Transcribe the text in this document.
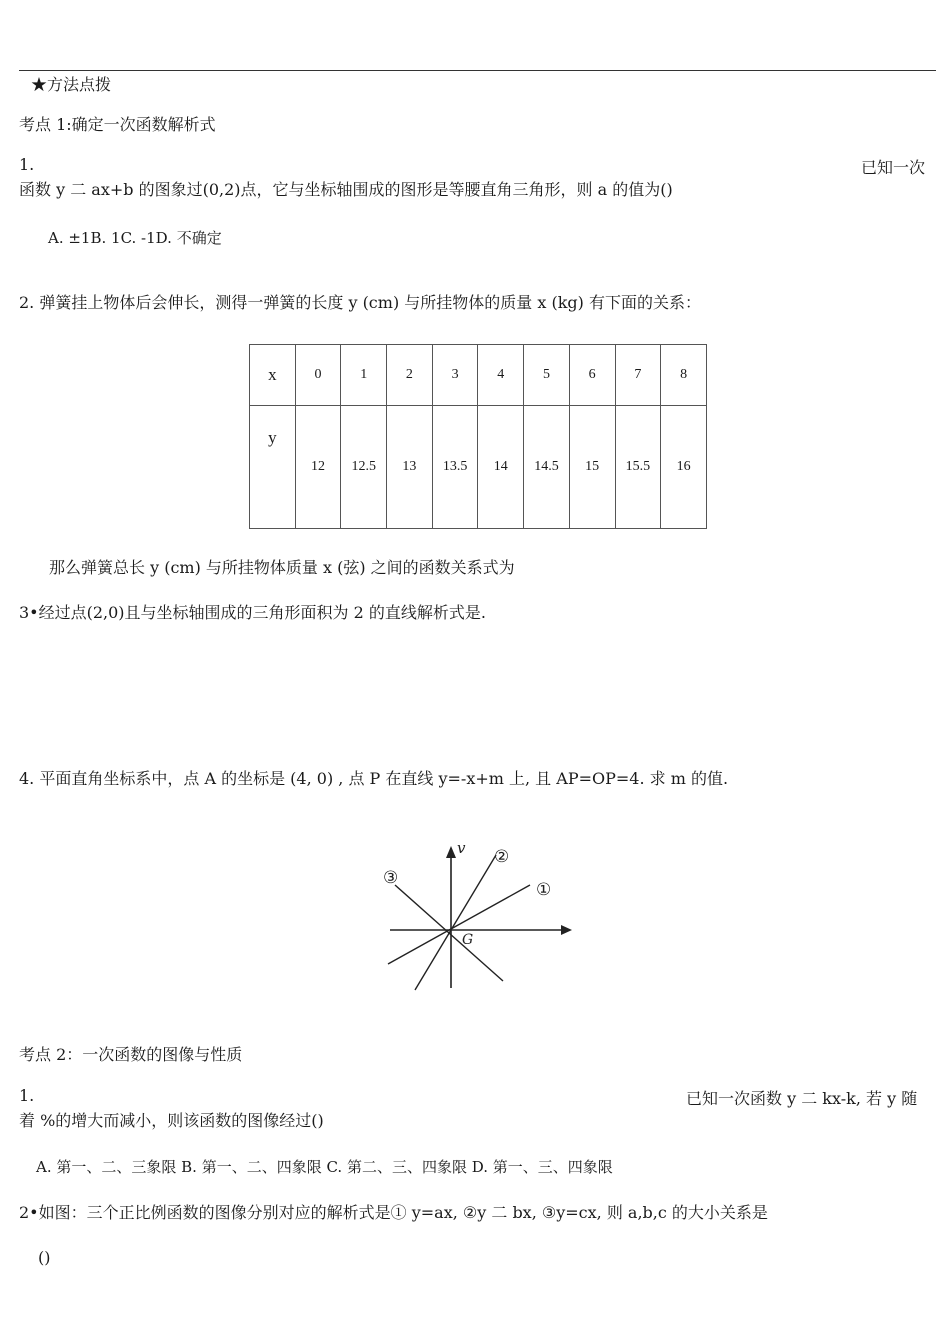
★方法点拨
考点 1:确定一次函数解析式
1.	已知一次
函数 y 二 ax+b 的图象过(0,2)点，它与坐标轴围成的图形是等腰直角三角形，则 a 的值为()
A. ±1B. 1C. -1D. 不确定
2. 弹簧挂上物体后会伸长，测得一弹簧的长度 y (cm) 与所挂物体的质量 x (kg) 有下面的关系：
x	0	1	2	3	4	5	6	7	8
y	12	12.5	13	13.5	14	14.5	15	15.5	16
那么弹簧总长 y (cm) 与所挂物体质量 x (弦) 之间的函数关系式为
3•经过点(2,0)且与坐标轴围成的三角形面积为 2 的直线解析式是.
4. 平面直角坐标系中，点 A 的坐标是 (4, 0) , 点 P 在直线 y=-x+m 上, 且 AP=OP=4. 求 m 的值.
v
G
①
②
③
考点 2：一次函数的图像与性质
1.	已知一次函数 y 二 kx-k, 若 y 随
着 %的增大而减小，则该函数的图像经过()
A. 第一、二、三象限 B. 第一、二、四象限 C. 第二、三、四象限 D. 第一、三、四象限
2•如图：三个正比例函数的图像分别对应的解析式是① y=ax, ②y 二 bx, ③y=cx, 则 a,b,c 的大小关系是
()
